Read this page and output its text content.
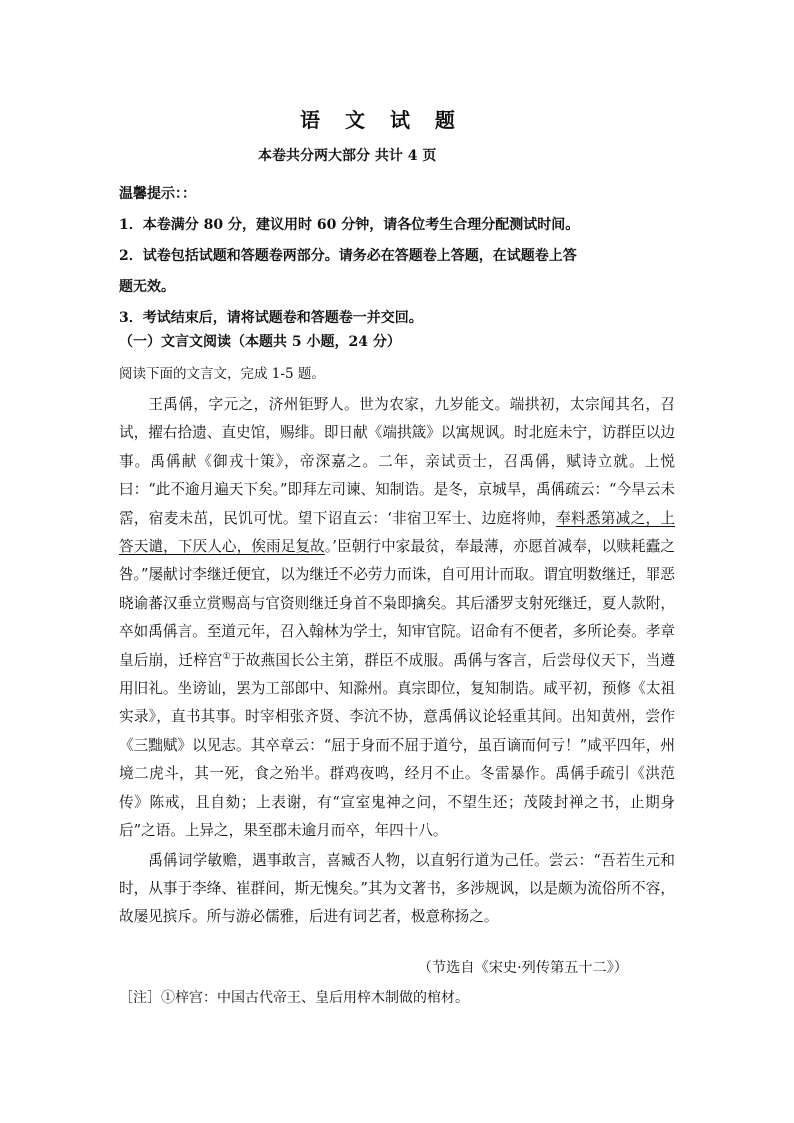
语 文 试 题
本卷共分两大部分 共计 4 页
温馨提示：：
1．本卷满分 80 分，建议用时 60 分钟，请各位考生合理分配测试时间。
2．试卷包括试题和答题卷两部分。请务必在答题卷上答题，在试题卷上答
题无效。
3．考试结束后，请将试题卷和答题卷一并交回。
（一）文言文阅读（本题共 5 小题，24 分）
阅读下面的文言文，完成 1-5 题。

王禹偁，字元之，济州钜野人。世为农家，九岁能文。端拱初，太宗闻其名，召试，擢右拾遗、直史馆，赐绯。即日献《端拱箴》以寓规讽。时北庭未宁，访群臣以边事。禹偁献《御戎十策》，帝深嘉之。二年，亲试贡士，召禹偁，赋诗立就。上悦曰：“此不逾月遍天下矣。”即拜左司谏、知制诰。是冬，京城旱，禹偁疏云：“今旱云未霑，宿麦未茁，民饥可忧。望下诏直云：‘非宿卫军士、边庭将帅，奉料悉第减之，上答天谴，下厌人心，俟雨足复故。’臣朝行中家最贫，奉最薄，亦愿首减奉，以赎耗蠹之咎。”屡献讨李继迁便宜，以为继迁不必劳力而诛，自可用计而取。谓宜明数继迁，罪恶晓谕蕃汉垂立赏赐高与官资则继迁身首不枭即擒矣。其后潘罗支射死继迁，夏人款附，卒如禹偁言。至道元年，召入翰林为学士，知审官院。诏命有不便者，多所论奏。孝章皇后崩，迁梓宫①于故燕国长公主第，群臣不成服。禹偁与客言，后尝母仪天下，当遵用旧礼。坐谤讪，罢为工部郎中、知滁州。真宗即位，复知制诰。咸平初，预修《太祖实录》，直书其事。时宰相张齐贤、李沆不协，意禹偁议论轻重其间。出知黄州，尝作《三黜赋》以见志。其卒章云：“屈于身而不屈于道兮，虽百谪而何亏！”咸平四年，州境二虎斗，其一死，食之殆半。群鸡夜鸣，经月不止。冬雷暴作。禹偁手疏引《洪范传》陈戒，且自劾；上表谢，有“宣室鬼神之问，不望生还；茂陵封禅之书，止期身后”之语。上异之，果至郡未逾月而卒，年四十八。

禹偁词学敏赡，遇事敢言，喜臧否人物，以直躬行道为己任。尝云：“吾若生元和时，从事于李绛、崔群间，斯无愧矣。”其为文著书，多涉规讽，以是颇为流俗所不容，故屡见摈斥。所与游必儒雅，后进有词艺者，极意称扬之。

（节选自《宋史·列传第五十二》）
［注］①梓宫：中国古代帝王、皇后用梓木制做的棺材。
